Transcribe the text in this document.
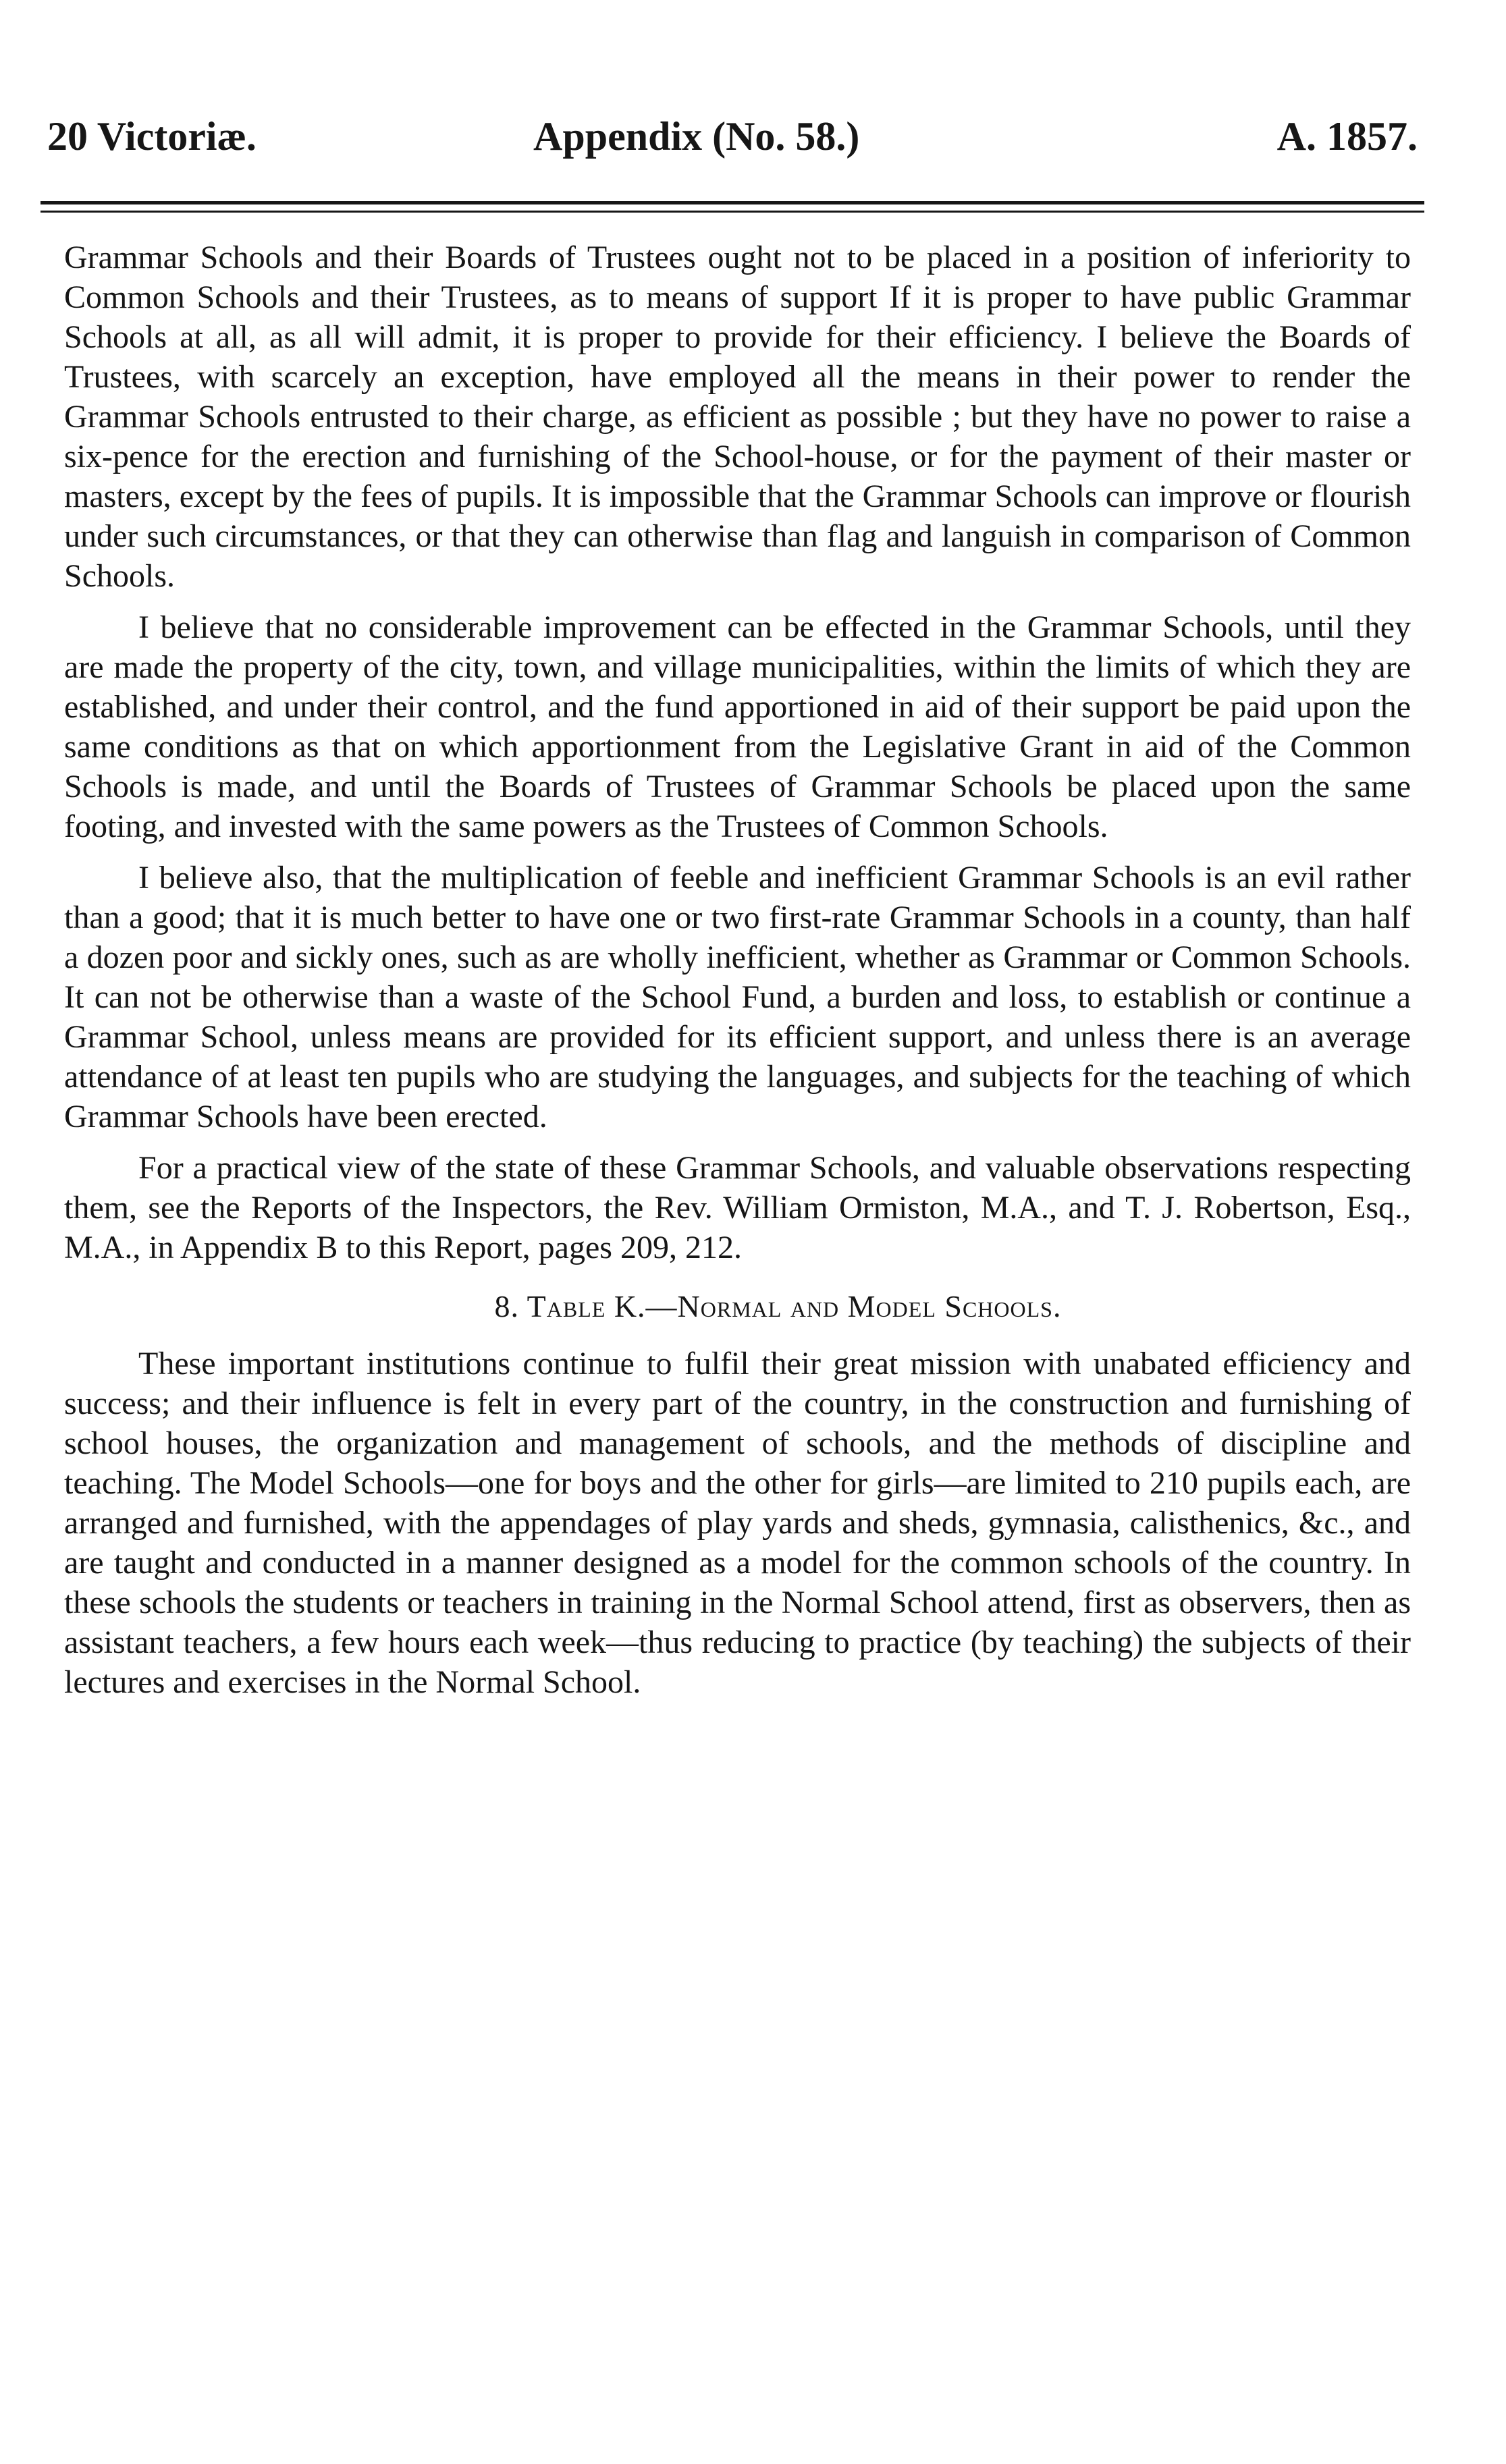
20 Victoriæ.	Appendix (No. 58.)	A. 1857.

Grammar Schools and their Boards of Trustees ought not to be placed in a position of inferiority to Common Schools and their Trustees, as to means of support If it is proper to have public Grammar Schools at all, as all will admit, it is proper to provide for their efficiency. I believe the Boards of Trustees, with scarcely an exception, have employed all the means in their power to render the Grammar Schools entrusted to their charge, as efficient as possible ; but they have no power to raise a six-pence for the erection and furnishing of the School-house, or for the payment of their master or masters, except by the fees of pupils. It is impossible that the Grammar Schools can improve or flourish under such circumstances, or that they can otherwise than flag and languish in comparison of Common Schools.

I believe that no considerable improvement can be effected in the Grammar Schools, until they are made the property of the city, town, and village municipalities, within the limits of which they are established, and under their control, and the fund apportioned in aid of their support be paid upon the same conditions as that on which apportionment from the Legislative Grant in aid of the Common Schools is made, and until the Boards of Trustees of Grammar Schools be placed upon the same footing, and invested with the same powers as the Trustees of Common Schools.

I believe also, that the multiplication of feeble and inefficient Grammar Schools is an evil rather than a good; that it is much better to have one or two first-rate Grammar Schools in a county, than half a dozen poor and sickly ones, such as are wholly inefficient, whether as Grammar or Common Schools. It can not be otherwise than a waste of the School Fund, a burden and loss, to establish or continue a Grammar School, unless means are provided for its efficient support, and unless there is an average attendance of at least ten pupils who are studying the languages, and subjects for the teaching of which Grammar Schools have been erected.

For a practical view of the state of these Grammar Schools, and valuable observations respecting them, see the Reports of the Inspectors, the Rev. William Ormiston, M.A., and T. J. Robertson, Esq., M.A., in Appendix B to this Report, pages 209, 212.

8. Table K.—Normal and Model Schools.

These important institutions continue to fulfil their great mission with unabated efficiency and success; and their influence is felt in every part of the country, in the construction and furnishing of school houses, the organization and management of schools, and the methods of discipline and teaching. The Model Schools—one for boys and the other for girls—are limited to 210 pupils each, are arranged and furnished, with the appendages of play yards and sheds, gymnasia, calisthenics, &c., and are taught and conducted in a manner designed as a model for the common schools of the country. In these schools the students or teachers in training in the Normal School attend, first as observers, then as assistant teachers, a few hours each week—thus reducing to practice (by teaching) the subjects of their lectures and exercises in the Normal School.
